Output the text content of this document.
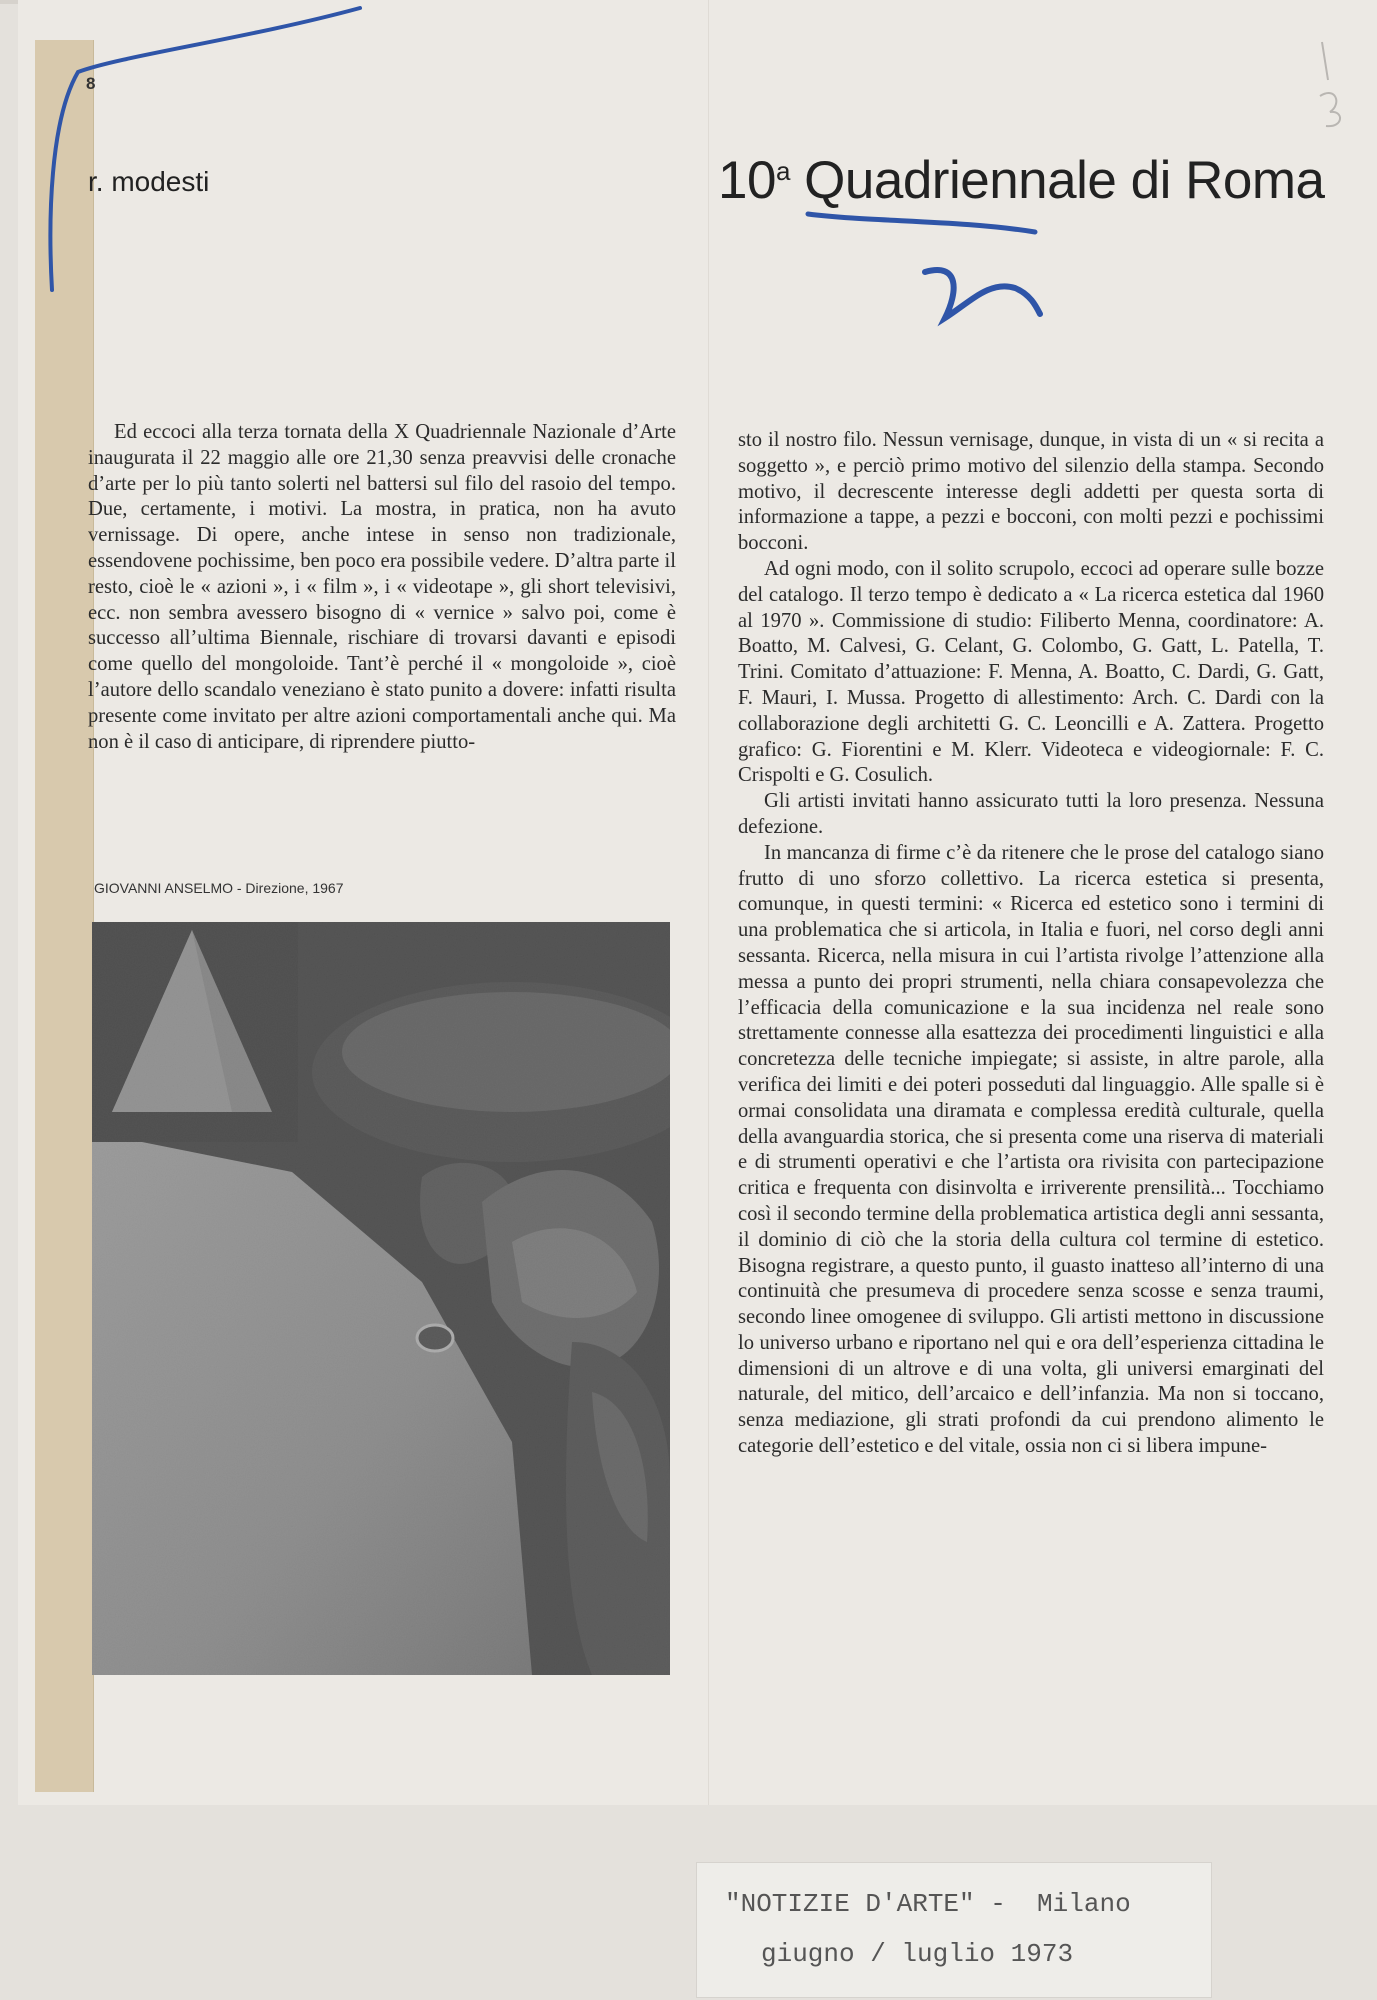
8
r. modesti	10$^a$ Quadriennale di Roma

Ed eccoci alla terza tornata della X Quadriennale Nazionale d’Arte inaugurata il 22 maggio alle ore 21,30 senza preavvisi delle cronache d’arte per lo più tanto solerti nel battersi sul filo del rasoio del tempo. Due, certamente, i motivi. La mostra, in pratica, non ha avuto vernissage. Di opere, anche intese in senso non tradizionale, essendovene pochissime, ben poco era possibile vedere. D’altra parte il resto, cioè le « azioni », i « film », i « videotape », gli short televisivi, ecc. non sembra avessero bisogno di « vernice » salvo poi, come è successo all’ultima Biennale, rischiare di trovarsi davanti e episodi come quello del mongoloide. Tant’è perché il « mongoloide », cioè l’autore dello scandalo veneziano è stato punito a dovere: infatti risulta presente come invitato per altre azioni comportamentali anche qui. Ma non è il caso di anticipare, di riprendere piutto-

GIOVANNI ANSELMO - Direzione, 1967

sto il nostro filo. Nessun vernisage, dunque, in vista di un « si recita a soggetto », e perciò primo motivo del silenzio della stampa. Secondo motivo, il decrescente interesse degli addetti per questa sorta di informazione a tappe, a pezzi e bocconi, con molti pezzi e pochissimi bocconi.

Ad ogni modo, con il solito scrupolo, eccoci ad operare sulle bozze del catalogo. Il terzo tempo è dedicato a « La ricerca estetica dal 1960 al 1970 ». Commissione di studio: Filiberto Menna, coordinatore: A. Boatto, M. Calvesi, G. Celant, G. Colombo, G. Gatt, L. Patella, T. Trini. Comitato d’attuazione: F. Menna, A. Boatto, C. Dardi, G. Gatt, F. Mauri, I. Mussa. Progetto di allestimento: Arch. C. Dardi con la collaborazione degli architetti G. C. Leoncilli e A. Zattera. Progetto grafico: G. Fiorentini e M. Klerr. Videoteca e videogiornale: F. C. Crispolti e G. Cosulich.

Gli artisti invitati hanno assicurato tutti la loro presenza. Nessuna defezione.

In mancanza di firme c’è da ritenere che le prose del catalogo siano frutto di uno sforzo collettivo. La ricerca estetica si presenta, comunque, in questi termini: « Ricerca ed estetico sono i termini di una problematica che si articola, in Italia e fuori, nel corso degli anni sessanta. Ricerca, nella misura in cui l’artista rivolge l’attenzione alla messa a punto dei propri strumenti, nella chiara consapevolezza che l’efficacia della comunicazione e la sua incidenza nel reale sono strettamente connesse alla esattezza dei procedimenti linguistici e alla concretezza delle tecniche impiegate; si assiste, in altre parole, alla verifica dei limiti e dei poteri posseduti dal linguaggio. Alle spalle si è ormai consolidata una diramata e complessa eredità culturale, quella della avanguardia storica, che si presenta come una riserva di materiali e di strumenti operativi e che l’artista ora rivisita con partecipazione critica e frequenta con disinvolta e irriverente prensilità... Tocchiamo così il secondo termine della problematica artistica degli anni sessanta, il dominio di ciò che la storia della cultura col termine di estetico. Bisogna registrare, a questo punto, il guasto inatteso all’interno di una continuità che presumeva di procedere senza scosse e senza traumi, secondo linee omogenee di sviluppo. Gli artisti mettono in discussione lo universo urbano e riportano nel qui e ora dell’esperienza cittadina le dimensioni di un altrove e di una volta, gli universi emarginati del naturale, del mitico, dell’arcaico e dell’infanzia. Ma non si toccano, senza mediazione, gli strati profondi da cui prendono alimento le categorie dell’estetico e del vitale, ossia non ci si libera impune-

"NOTIZIE D'ARTE" -  Milano
giugno / luglio 1973
